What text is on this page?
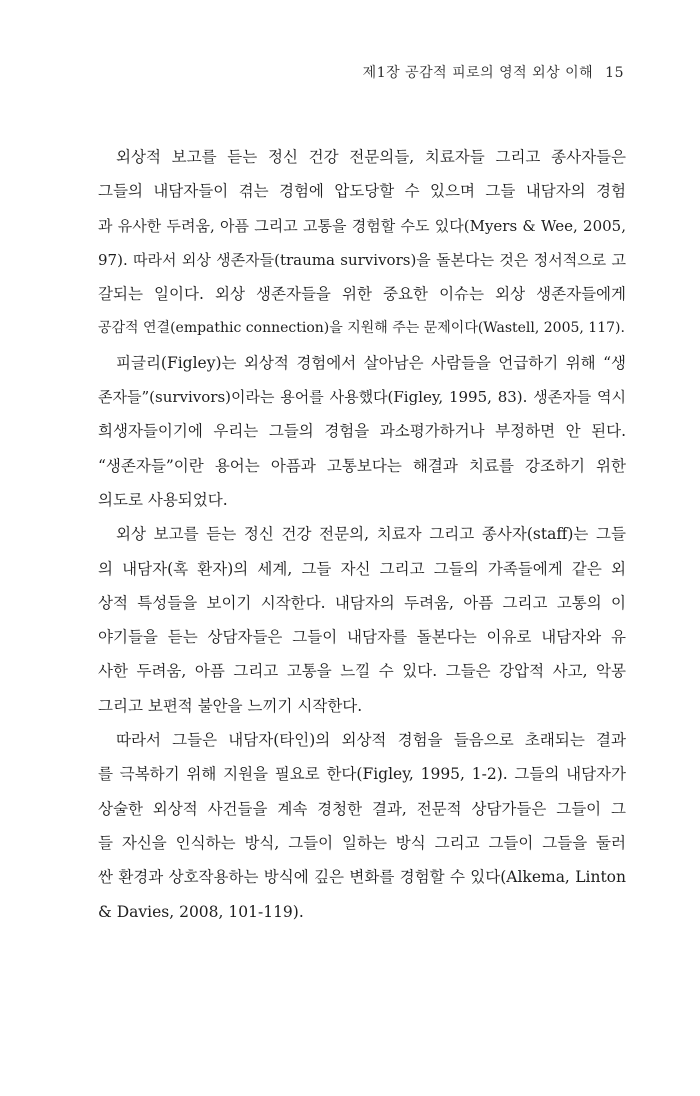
제1장 공감적 피로의 영적 외상 이해 15
외상적 보고를 듣는 정신 건강 전문의들, 치료자들 그리고 종사자들은
그들의 내담자들이 겪는 경험에 압도당할 수 있으며 그들 내담자의 경험
과 유사한 두려움, 아픔 그리고 고통을 경험할 수도 있다(Myers & Wee, 2005,
97). 따라서 외상 생존자들(trauma survivors)을 돌본다는 것은 정서적으로 고
갈되는 일이다. 외상 생존자들을 위한 중요한 이슈는 외상 생존자들에게
공감적 연결(empathic connection)을 지원해 주는 문제이다(Wastell, 2005, 117).
피글리(Figley)는 외상적 경험에서 살아남은 사람들을 언급하기 위해 “생
존자들”(survivors)이라는 용어를 사용했다(Figley, 1995, 83). 생존자들 역시
희생자들이기에 우리는 그들의 경험을 과소평가하거나 부정하면 안 된다.
“생존자들”이란 용어는 아픔과 고통보다는 해결과 치료를 강조하기 위한
의도로 사용되었다.
외상 보고를 듣는 정신 건강 전문의, 치료자 그리고 종사자(staff)는 그들
의 내담자(혹 환자)의 세계, 그들 자신 그리고 그들의 가족들에게 같은 외
상적 특성들을 보이기 시작한다. 내담자의 두려움, 아픔 그리고 고통의 이
야기들을 듣는 상담자들은 그들이 내담자를 돌본다는 이유로 내담자와 유
사한 두려움, 아픔 그리고 고통을 느낄 수 있다. 그들은 강압적 사고, 악몽
그리고 보편적 불안을 느끼기 시작한다.
따라서 그들은 내담자(타인)의 외상적 경험을 들음으로 초래되는 결과
를 극복하기 위해 지원을 필요로 한다(Figley, 1995, 1-2). 그들의 내담자가
상술한 외상적 사건들을 계속 경청한 결과, 전문적 상담가들은 그들이 그
들 자신을 인식하는 방식, 그들이 일하는 방식 그리고 그들이 그들을 둘러
싼 환경과 상호작용하는 방식에 깊은 변화를 경험할 수 있다(Alkema, Linton
& Davies, 2008, 101-119).
